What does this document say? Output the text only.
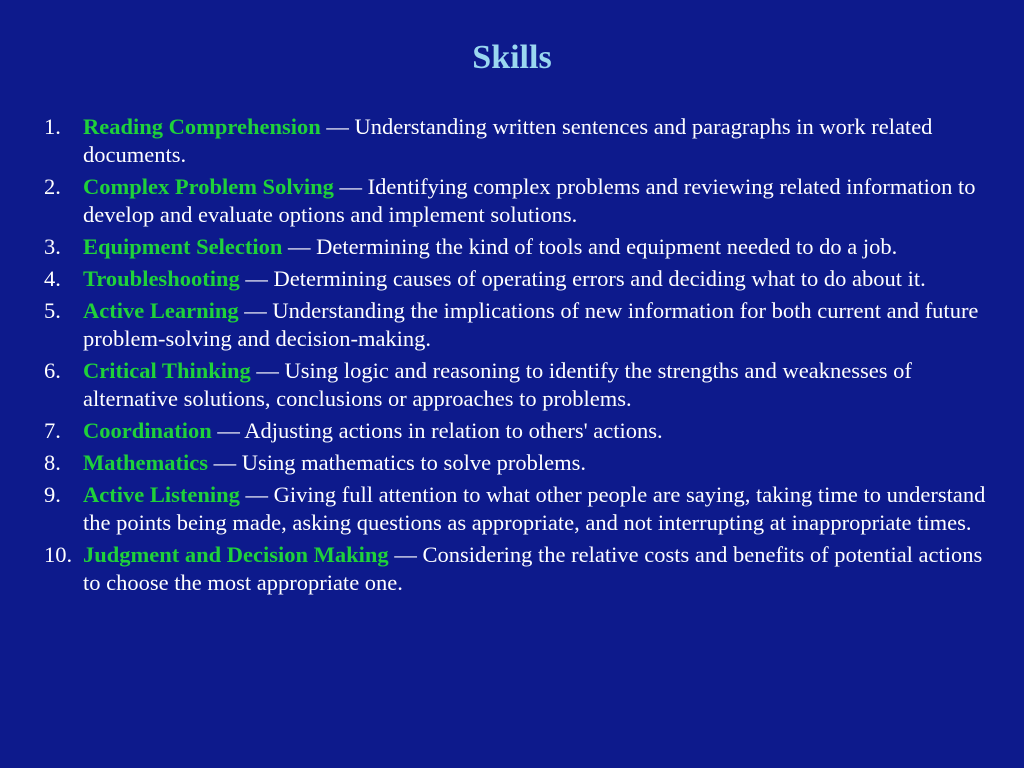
Skills
1. Reading Comprehension — Understanding written sentences and paragraphs in work related documents.
2. Complex Problem Solving — Identifying complex problems and reviewing related information to develop and evaluate options and implement solutions.
3. Equipment Selection — Determining the kind of tools and equipment needed to do a job.
4. Troubleshooting — Determining causes of operating errors and deciding what to do about it.
5. Active Learning — Understanding the implications of new information for both current and future problem-solving and decision-making.
6. Critical Thinking — Using logic and reasoning to identify the strengths and weaknesses of alternative solutions, conclusions or approaches to problems.
7. Coordination — Adjusting actions in relation to others' actions.
8. Mathematics — Using mathematics to solve problems.
9. Active Listening — Giving full attention to what other people are saying, taking time to understand the points being made, asking questions as appropriate, and not interrupting at inappropriate times.
10. Judgment and Decision Making — Considering the relative costs and benefits of potential actions to choose the most appropriate one.
